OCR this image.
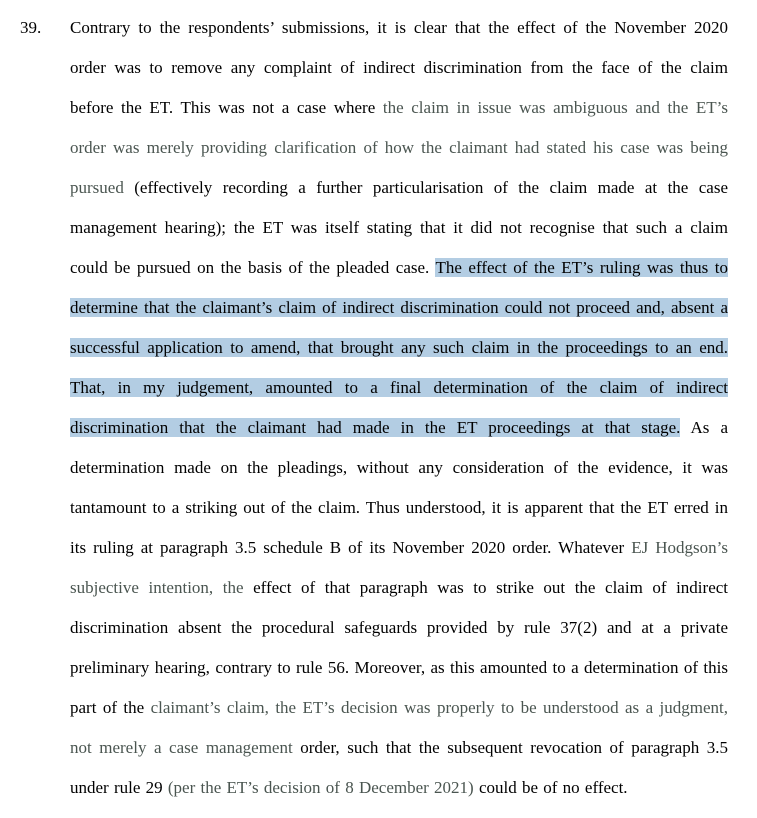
39.	Contrary to the respondents’ submissions, it is clear that the effect of the November 2020 order was to remove any complaint of indirect discrimination from the face of the claim before the ET. This was not a case where the claim in issue was ambiguous and the ET’s order was merely providing clarification of how the claimant had stated his case was being pursued (effectively recording a further particularisation of the claim made at the case management hearing); the ET was itself stating that it did not recognise that such a claim could be pursued on the basis of the pleaded case. The effect of the ET’s ruling was thus to determine that the claimant’s claim of indirect discrimination could not proceed and, absent a successful application to amend, that brought any such claim in the proceedings to an end. That, in my judgement, amounted to a final determination of the claim of indirect discrimination that the claimant had made in the ET proceedings at that stage. As a determination made on the pleadings, without any consideration of the evidence, it was tantamount to a striking out of the claim. Thus understood, it is apparent that the ET erred in its ruling at paragraph 3.5 schedule B of its November 2020 order. Whatever EJ Hodgson’s subjective intention, the effect of that paragraph was to strike out the claim of indirect discrimination absent the procedural safeguards provided by rule 37(2) and at a private preliminary hearing, contrary to rule 56. Moreover, as this amounted to a determination of this part of the claimant’s claim, the ET’s decision was properly to be understood as a judgment, not merely a case management order, such that the subsequent revocation of paragraph 3.5 under rule 29 (per the ET’s decision of 8 December 2021) could be of no effect.
